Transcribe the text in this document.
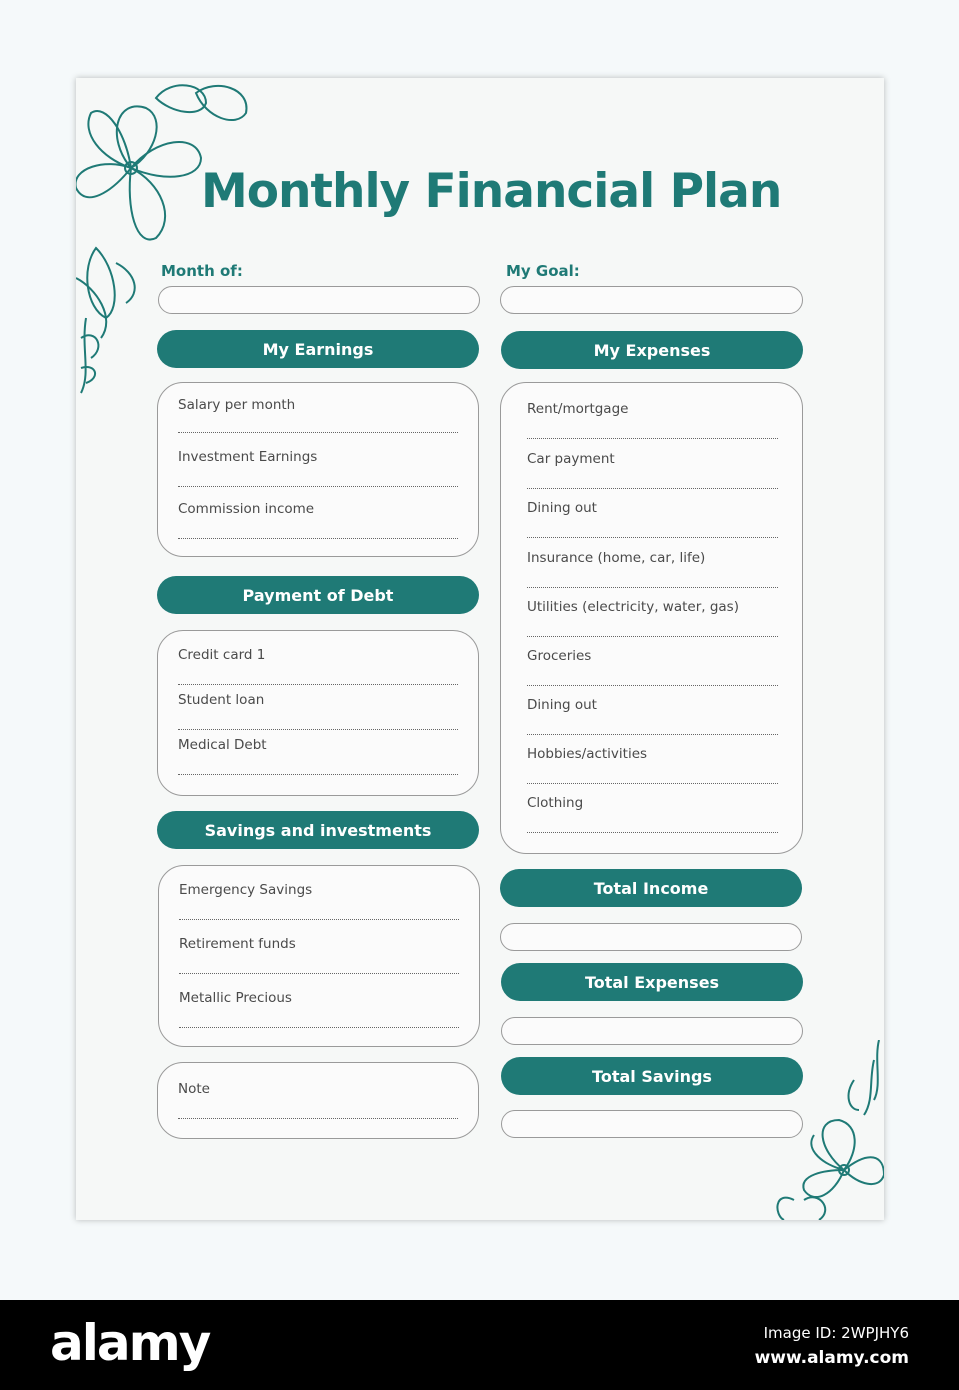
Monthly Financial Plan
Month of:	My Goal:
My Earnings
Salary per month
Investment Earnings
Commission income
Payment of Debt
Credit card 1
Student loan
Medical Debt
Savings and investments
Emergency Savings
Retirement funds
Metallic Precious
Note
My Expenses
Rent/mortgage
Car payment
Dining out
Insurance (home, car, life)
Utilities (electricity, water, gas)
Groceries
Dining out
Hobbies/activities
Clothing
Total Income
Total Expenses
Total Savings
alamy	Image ID: 2WPJHY6
www.alamy.com
